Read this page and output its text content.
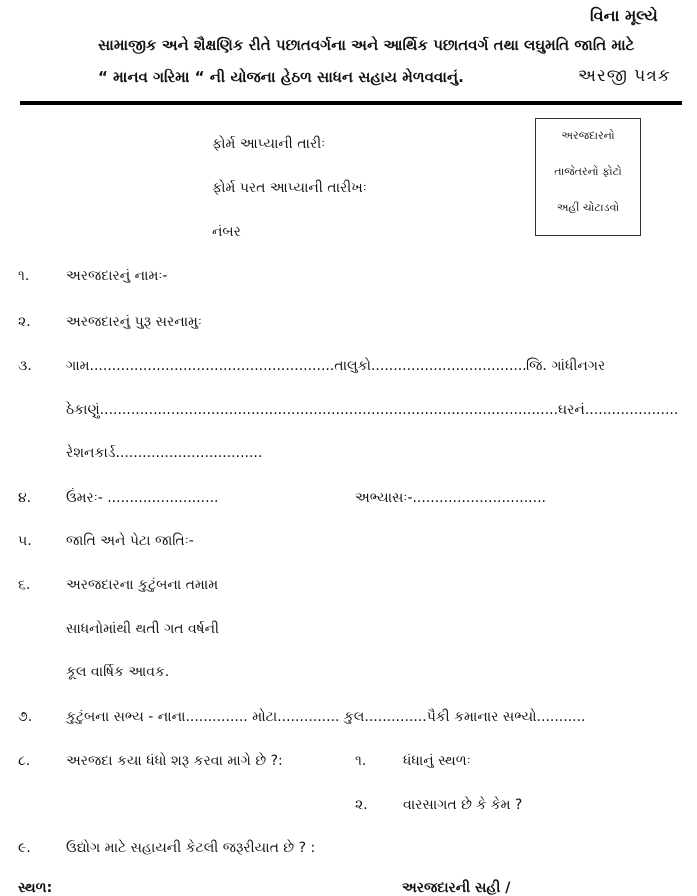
વિના મૂલ્યે
સામાજીક અને શૈક્ષણિક રીતે પછાતવર્ગના અને આર્થિક પછાતવર્ગ તથા લઘુમતિ જાતિ માટે
“ માનવ ગરિમા “ ની યોજના હેઠળ સાધન સહાય મેળવવાનું.	અરજી પત્રક
ફોર્મ આપ્યાની તારીઃ
ફોર્મ પરત આપ્યાની તારીખઃ
નંબર
અરજદારનો
તાજેતરનો ફોટો
અહીં ચોટાડવો
૧.	અરજદારનું નામઃ-
૨.	અરજદારનું પુરૂ સરનામુઃ
૩. ગામ......................................... ..............તાલુકો................................... જિ. ગાંધીનગર
ઠેકાણું.......................................................................................................ઘરનં.....................
રેશનકાર્ડ.................................
૪. ઉંમરઃ- .........................	અભ્યાસઃ-..............................
૫. જાતિ અને પેટા જાતિઃ-
૬.	અરજદારના કુટુંબના તમામ
સાધનોમાંથી થતી ગત વર્ષની
કૂલ વાર્ષિક આવક.
૭. કુટુંબના સભ્ય - નાના.............. મોટા.............. કુલ..............પૈકી કમાનાર સભ્યો...........
૮.	અરજદા કયા ધંધો શરૂ કરવા માગે છે ?:	૧.	ધંધાનું સ્થળઃ
૨.	વારસાગત છે કે કેમ ?
૯.	ઉદ્યોગ માટે સહાયની કેટલી જરૂરીયાત છે ? :
સ્થળ:	અરજદારની સહી /
